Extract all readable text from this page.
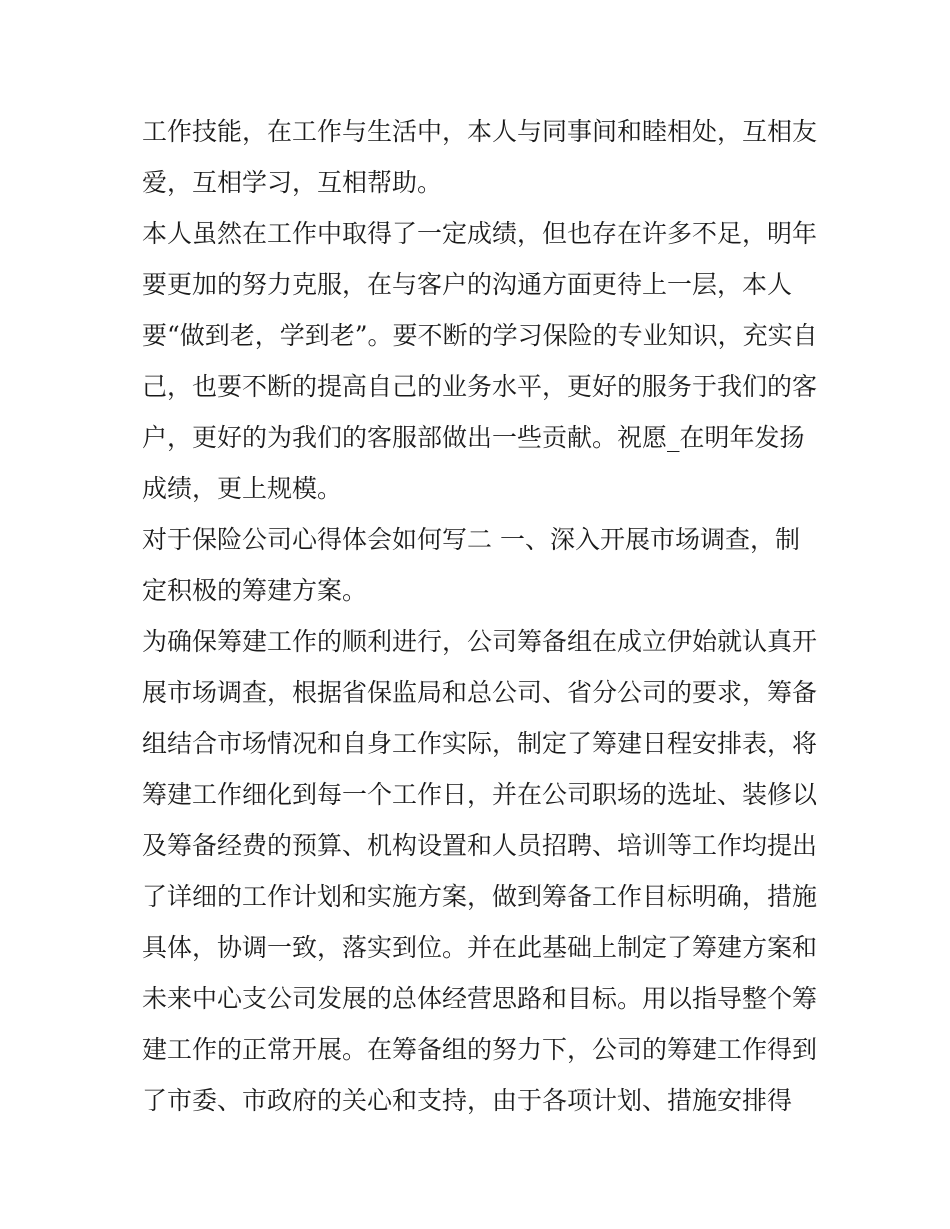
工作技能，在工作与生活中，本人与同事间和睦相处，互相友
爱，互相学习，互相帮助。
本人虽然在工作中取得了一定成绩，但也存在许多不足，明年
要更加的努力克服，在与客户的沟通方面更待上一层，本人
要“做到老，学到老”。要不断的学习保险的专业知识，充实自
己，也要不断的提高自己的业务水平，更好的服务于我们的客
户，更好的为我们的客服部做出一些贡献。祝愿_在明年发扬
成绩，更上规模。
对于保险公司心得体会如何写二 一、深入开展市场调查，制
定积极的筹建方案。
为确保筹建工作的顺利进行，公司筹备组在成立伊始就认真开
展市场调查，根据省保监局和总公司、省分公司的要求，筹备
组结合市场情况和自身工作实际，制定了筹建日程安排表，将
筹建工作细化到每一个工作日，并在公司职场的选址、装修以
及筹备经费的预算、机构设置和人员招聘、培训等工作均提出
了详细的工作计划和实施方案，做到筹备工作目标明确，措施
具体，协调一致，落实到位。并在此基础上制定了筹建方案和
未来中心支公司发展的总体经营思路和目标。用以指导整个筹
建工作的正常开展。在筹备组的努力下，公司的筹建工作得到
了市委、市政府的关心和支持，由于各项计划、措施安排得
